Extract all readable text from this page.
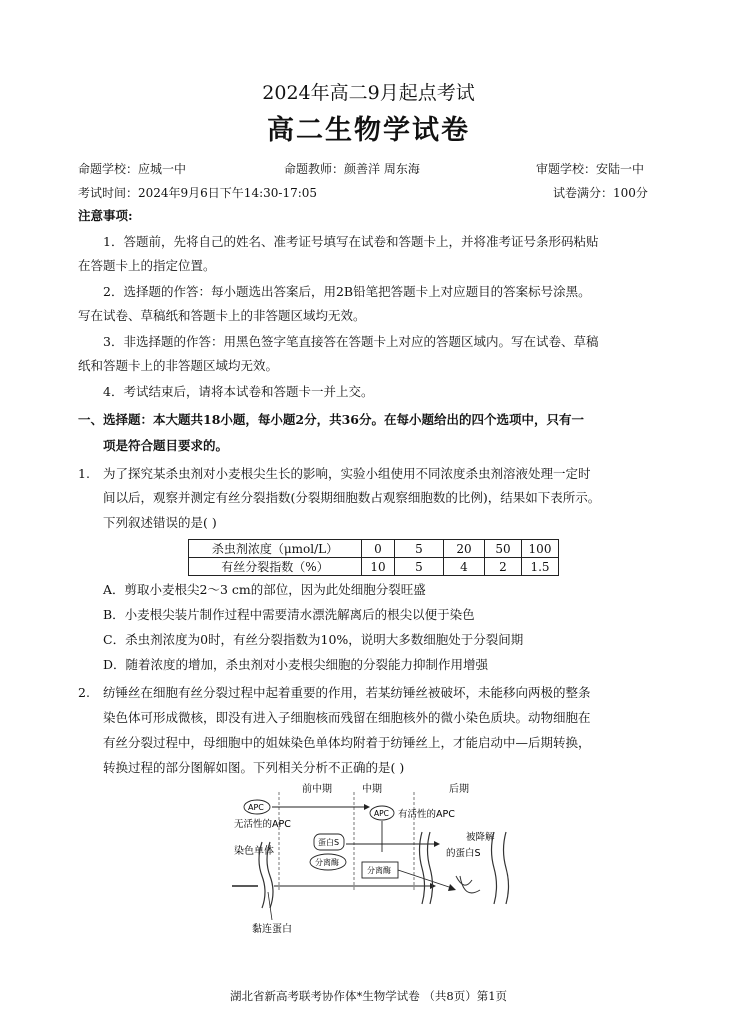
2024年高二9月起点考试
高二生物学试卷
命题学校：应城一中	命题教师：颜善洋 周东海	审题学校：安陆一中
考试时间：2024年9月6日下午14:30-17:05	试卷满分：100分
注意事项:
1．答题前，先将自己的姓名、准考证号填写在试卷和答题卡上，并将准考证号条形码粘贴
在答题卡上的指定位置。
2．选择题的作答：每小题选出答案后，用2B铅笔把答题卡上对应题目的答案标号涂黑。
写在试卷、草稿纸和答题卡上的非答题区域均无效。
3．非选择题的作答：用黑色签字笔直接答在答题卡上对应的答题区域内。写在试卷、草稿
纸和答题卡上的非答题区域均无效。
4．考试结束后，请将本试卷和答题卡一并上交。
一、选择题：本大题共18小题，每小题2分，共36分。在每小题给出的四个选项中，只有一
项是符合题目要求的。
1. 为了探究某杀虫剂对小麦根尖生长的影响，实验小组使用不同浓度杀虫剂溶液处理一定时
间以后，观察并测定有丝分裂指数(分裂期细胞数占观察细胞数的比例)，结果如下表所示。
下列叙述错误的是( )
杀虫剂浓度（μmol/L）	0	5	20	50	100
有丝分裂指数（%）	10	5	4	2	1.5
A．剪取小麦根尖2～3 cm的部位，因为此处细胞分裂旺盛
B．小麦根尖装片制作过程中需要清水漂洗解离后的根尖以便于染色
C．杀虫剂浓度为0时，有丝分裂指数为10%，说明大多数细胞处于分裂间期
D．随着浓度的增加，杀虫剂对小麦根尖细胞的分裂能力抑制作用增强
2. 纺锤丝在细胞有丝分裂过程中起着重要的作用，若某纺锤丝被破坏，未能移向两极的整条
染色体可形成微核，即没有进入子细胞核而残留在细胞核外的微小染色质块。动物细胞在
有丝分裂过程中，母细胞中的姐妹染色单体均附着于纺锤丝上，才能启动中—后期转换，
转换过程的部分图解如图。下列相关分析不正确的是( )
前中期	中期	后期
APC
无活性的APC
APC 有活性的APC
染色单体
蛋白S
分离酶
分离酶
被降解
的蛋白S
黏连蛋白
湖北省新高考联考协作体*生物学试卷 （共8页）第1页
